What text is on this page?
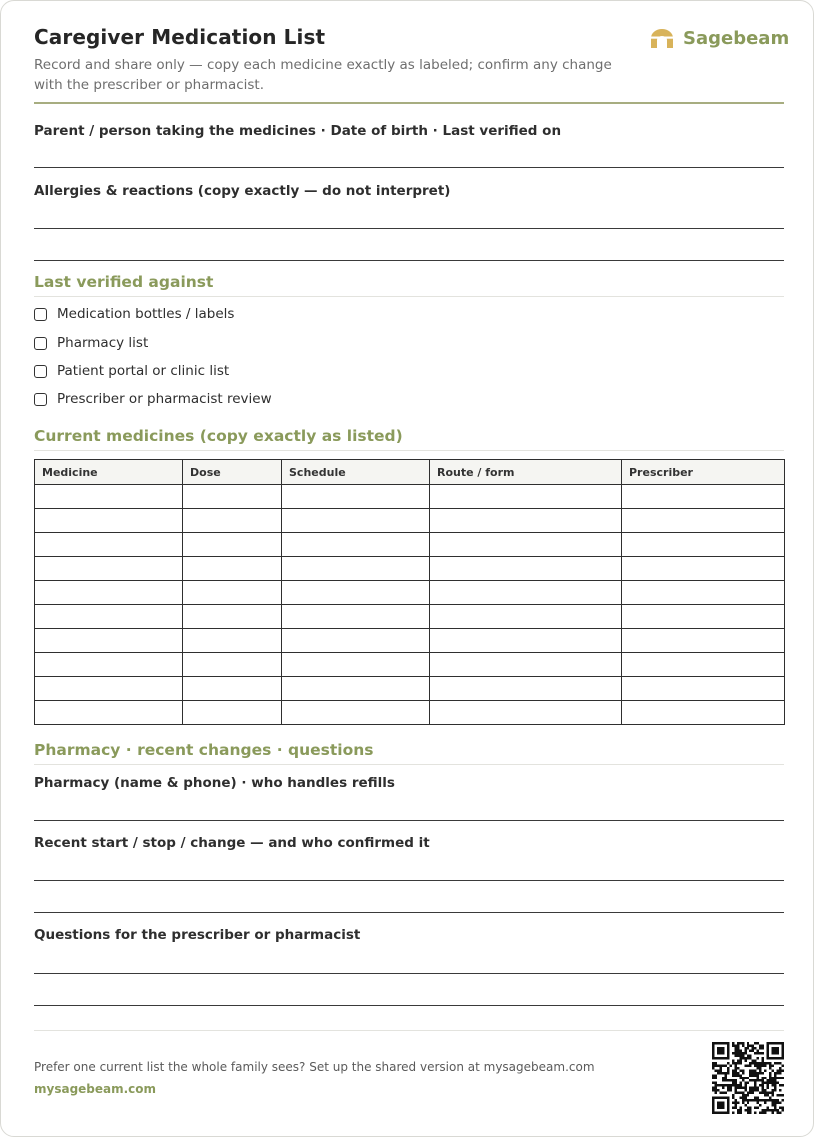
Caregiver Medication List
Record and share only — copy each medicine exactly as labeled; confirm any change with the prescriber or pharmacist.
Sagebeam
Parent / person taking the medicines · Date of birth · Last verified on
Allergies & reactions (copy exactly — do not interpret)
Last verified against
Medication bottles / labels
Pharmacy list
Patient portal or clinic list
Prescriber or pharmacist review
Current medicines (copy exactly as listed)
Medicine	Dose	Schedule	Route / form	Prescriber

Pharmacy · recent changes · questions
Pharmacy (name & phone) · who handles refills
Recent start / stop / change — and who confirmed it
Questions for the prescriber or pharmacist
Prefer one current list the whole family sees? Set up the shared version at mysagebeam.com
mysagebeam.com
